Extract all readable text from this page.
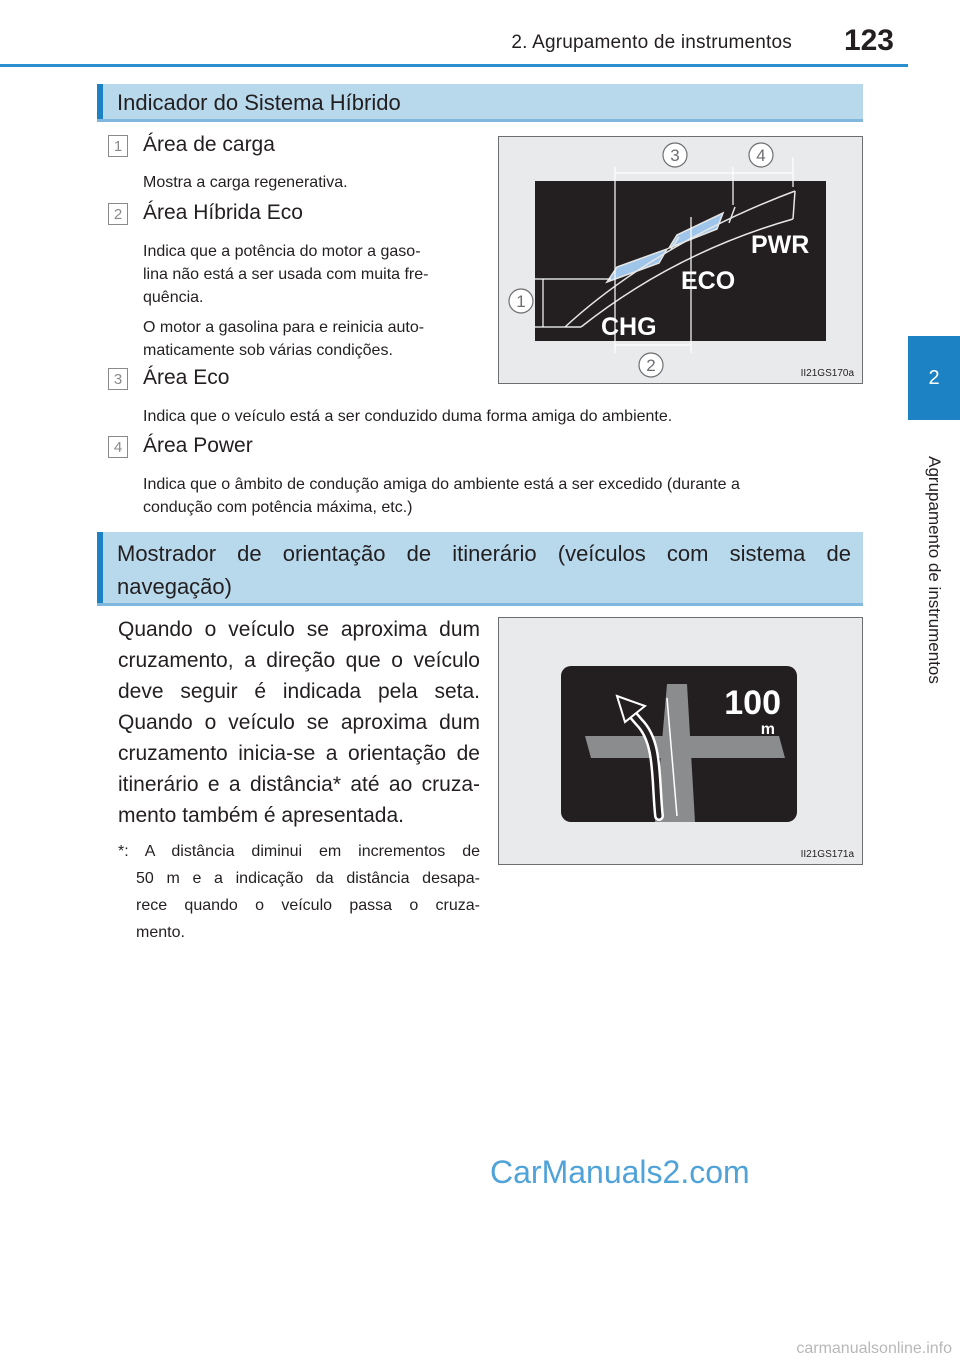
2. Agrupamento de instrumentos 123
2
Agrupamento de instrumentos
Indicador do Sistema Híbrido
1 Área de carga
Mostra a carga regenerativa.
2 Área Híbrida Eco
Indica que a potência do motor a gaso-
lina não está a ser usada com muita fre-
quência.
O motor a gasolina para e reinicia auto-
maticamente sob várias condições.
3 Área Eco
Indica que o veículo está a ser conduzido duma forma amiga do ambiente.
4 Área Power
Indica que o âmbito de condução amiga do ambiente está a ser excedido (durante a
condução com potência máxima, etc.)
CHG
ECO
PWR
1
2
3	4
II21GS170a
Mostrador de orientação de itinerário (veículos com sistema de
navegação)
Quando o veículo se aproxima dum
cruzamento, a direção que o veículo
deve seguir é indicada pela seta.
Quando o veículo se aproxima dum
cruzamento inicia-se a orientação de
itinerário e a distância* até ao cruza-
mento também é apresentada.
*: A distância diminui em incrementos de
50 m e a indicação da distância desapa-
rece quando o veículo passa o cruza-
mento.
100
m
II21GS171a
CarManuals2.com
carmanualsonline.info
